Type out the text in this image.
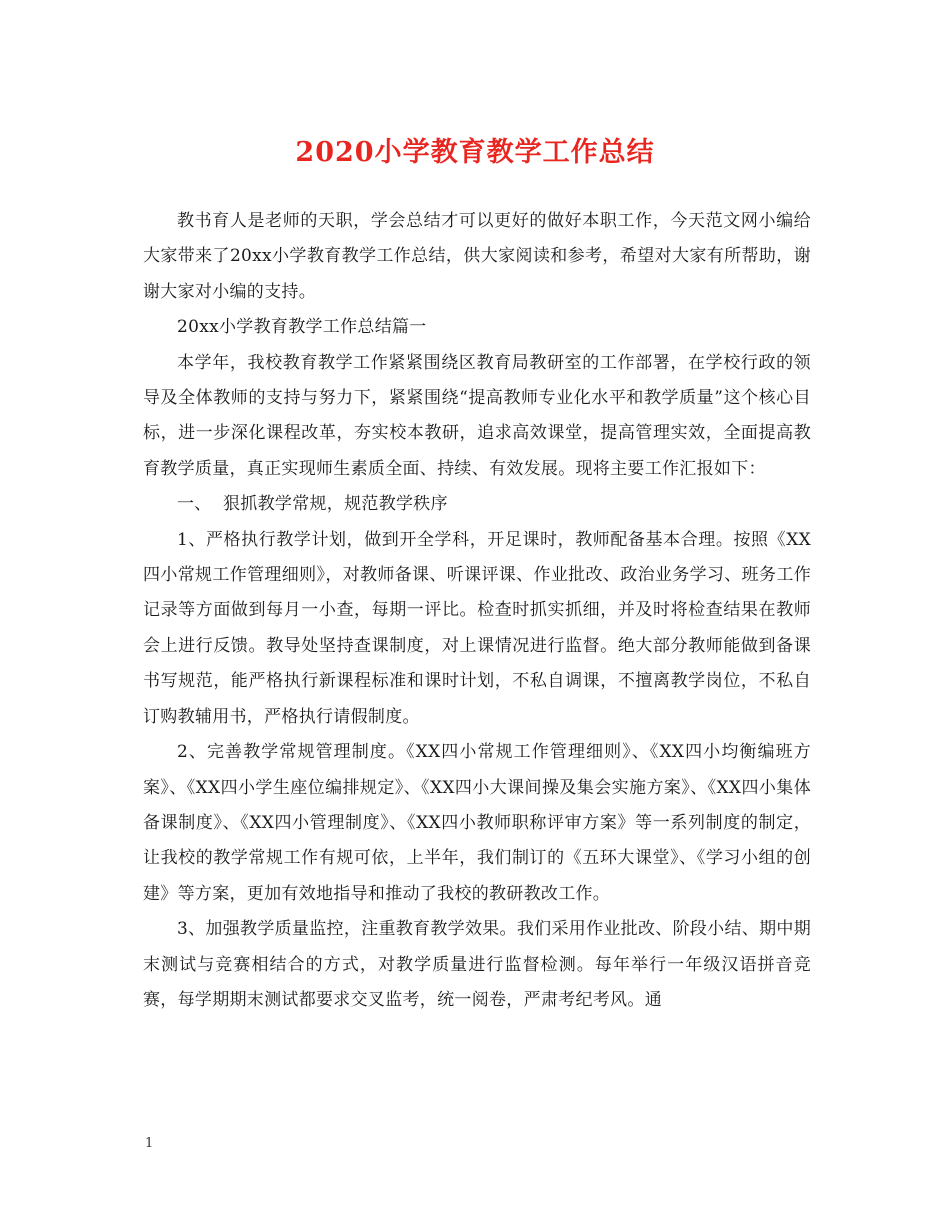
2020小学教育教学工作总结

教书育人是老师的天职，学会总结才可以更好的做好本职工作，今天范文网小编给大家带来了20xx小学教育教学工作总结，供大家阅读和参考，希望对大家有所帮助，谢谢大家对小编的支持。

20xx小学教育教学工作总结篇一

本学年，我校教育教学工作紧紧围绕区教育局教研室的工作部署，在学校行政的领导及全体教师的支持与努力下，紧紧围绕“提高教师专业化水平和教学质量”这个核心目标，进一步深化课程改革，夯实校本教研，追求高效课堂，提高管理实效，全面提高教育教学质量，真正实现师生素质全面、持续、有效发展。现将主要工作汇报如下：

一、  狠抓教学常规，规范教学秩序

1、严格执行教学计划，做到开全学科，开足课时，教师配备基本合理。按照《XX四小常规工作管理细则》，对教师备课、听课评课、作业批改、政治业务学习、班务工作记录等方面做到每月一小查，每期一评比。检查时抓实抓细，并及时将检查结果在教师会上进行反馈。教导处坚持查课制度，对上课情况进行监督。绝大部分教师能做到备课书写规范，能严格执行新课程标准和课时计划，不私自调课，不擅离教学岗位，不私自订购教辅用书，严格执行请假制度。

2、完善教学常规管理制度。《XX四小常规工作管理细则》、《XX四小均衡编班方案》、《XX四小学生座位编排规定》、《XX四小大课间操及集会实施方案》、《XX四小集体备课制度》、《XX四小管理制度》、《XX四小教师职称评审方案》等一系列制度的制定，让我校的教学常规工作有规可依，上半年，我们制订的《五环大课堂》、《学习小组的创建》等方案，更加有效地指导和推动了我校的教研教改工作。

3、加强教学质量监控，注重教育教学效果。我们采用作业批改、阶段小结、期中期末测试与竞赛相结合的方式，对教学质量进行监督检测。每年举行一年级汉语拼音竞赛，每学期期末测试都要求交叉监考，统一阅卷，严肃考纪考风。通

1
